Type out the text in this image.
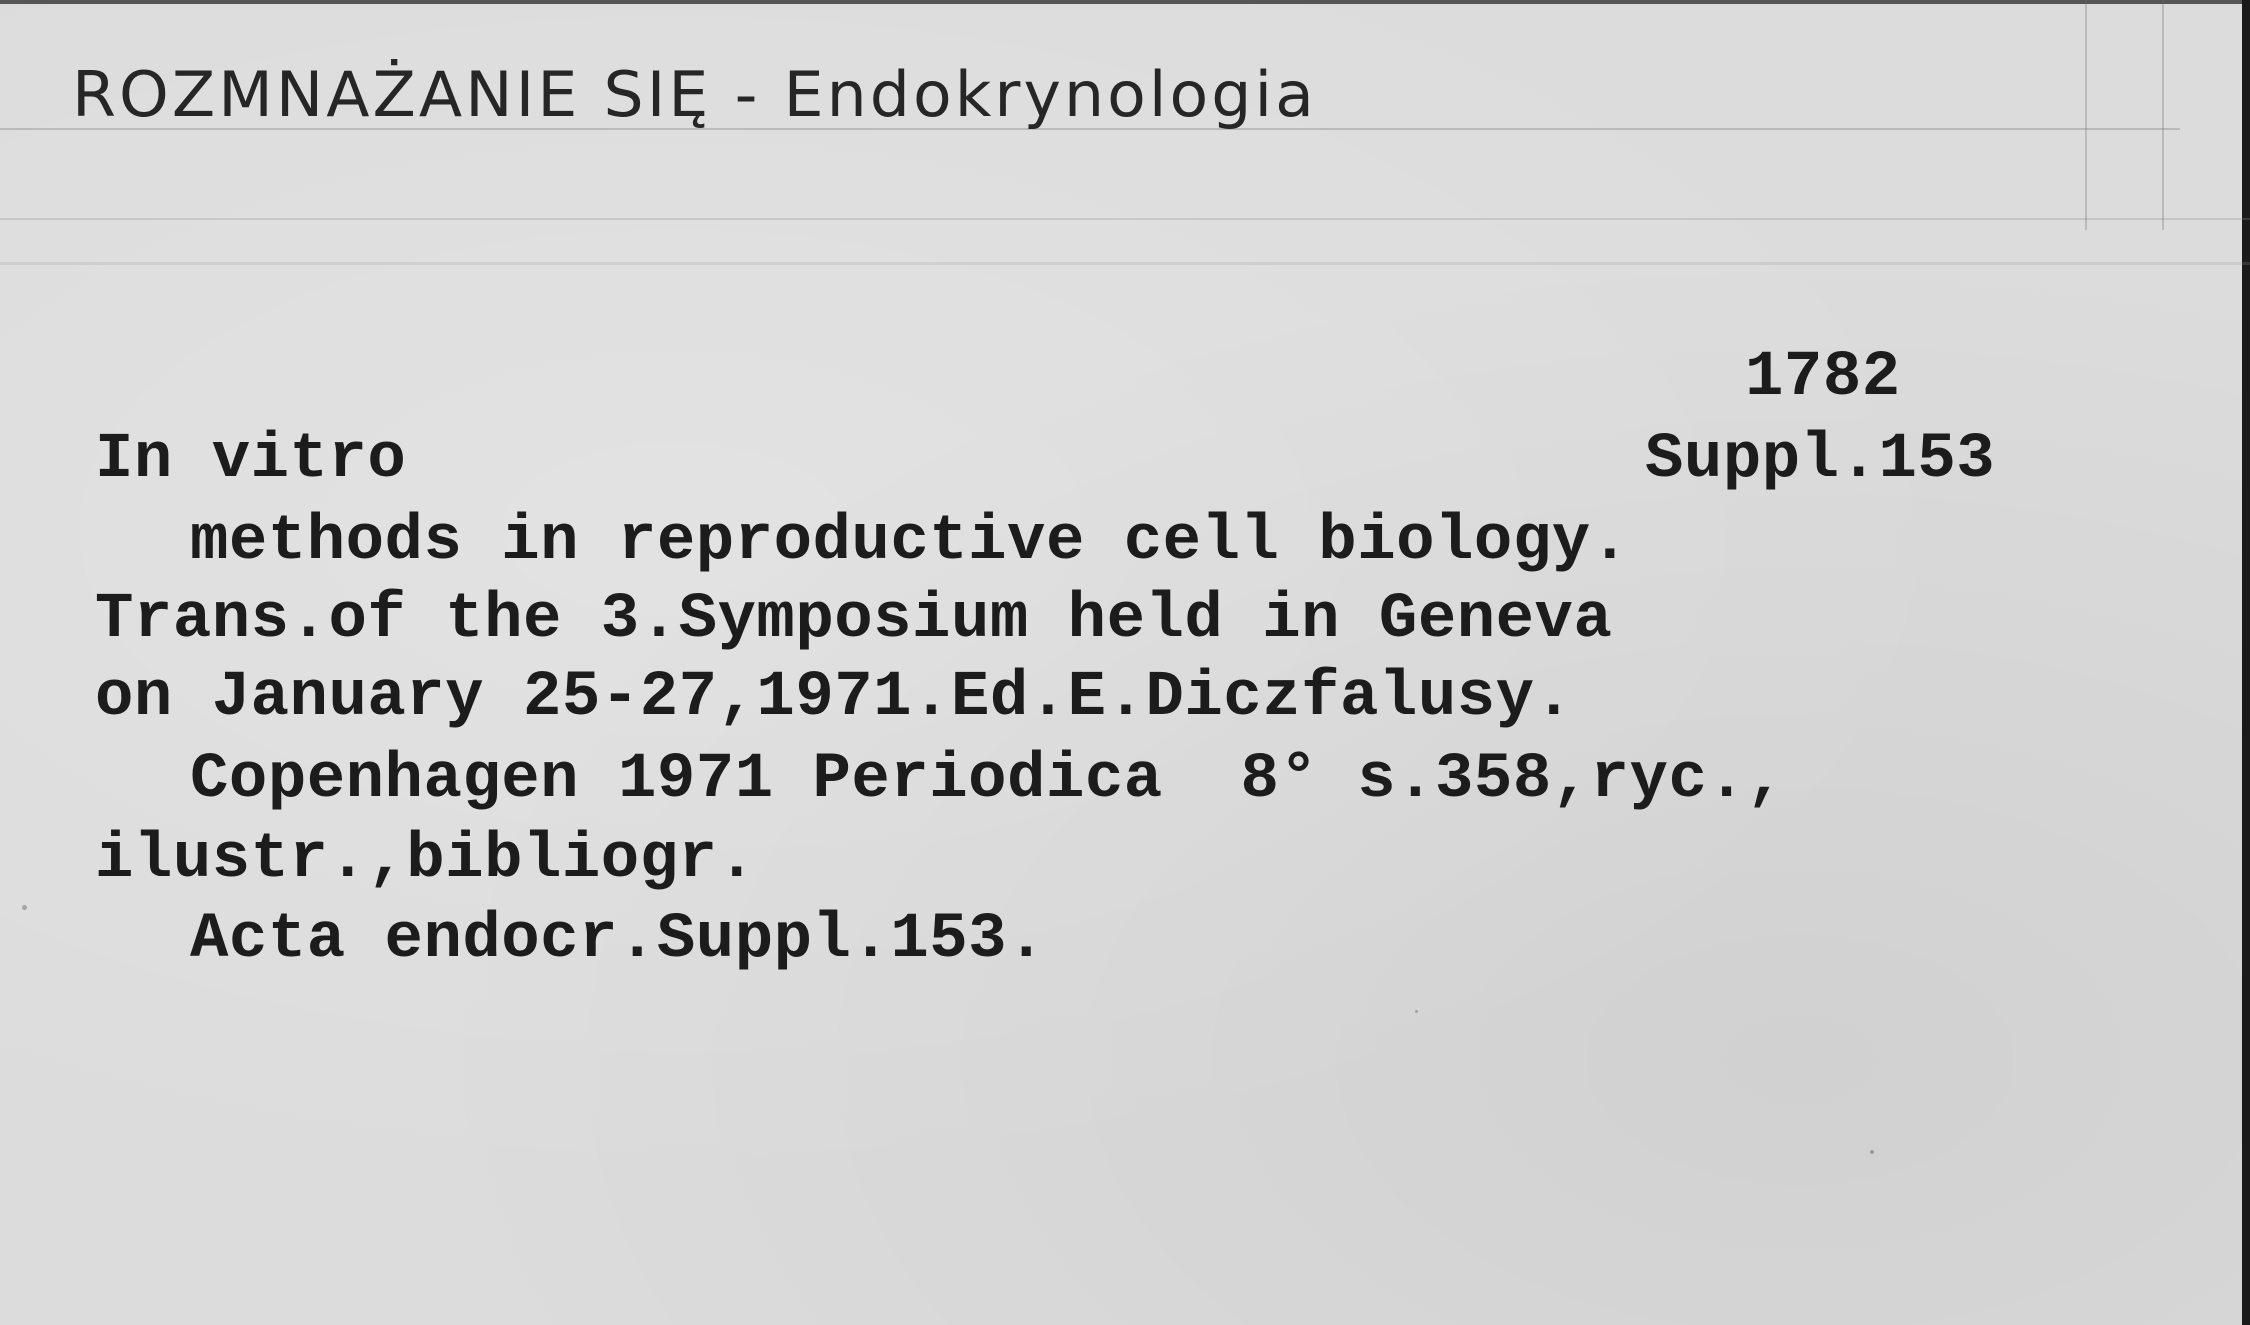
ROZMNAŻANIE SIĘ - Endokrynologia
1782
Suppl.153
In vitro
methods in reproductive cell biology.
Trans.of the 3.Symposium held in Geneva
on January 25-27,1971.Ed.E.Diczfalusy.
Copenhagen 1971 Periodica  8° s.358,ryc.,
ilustr.,bibliogr.
Acta endocr.Suppl.153.
